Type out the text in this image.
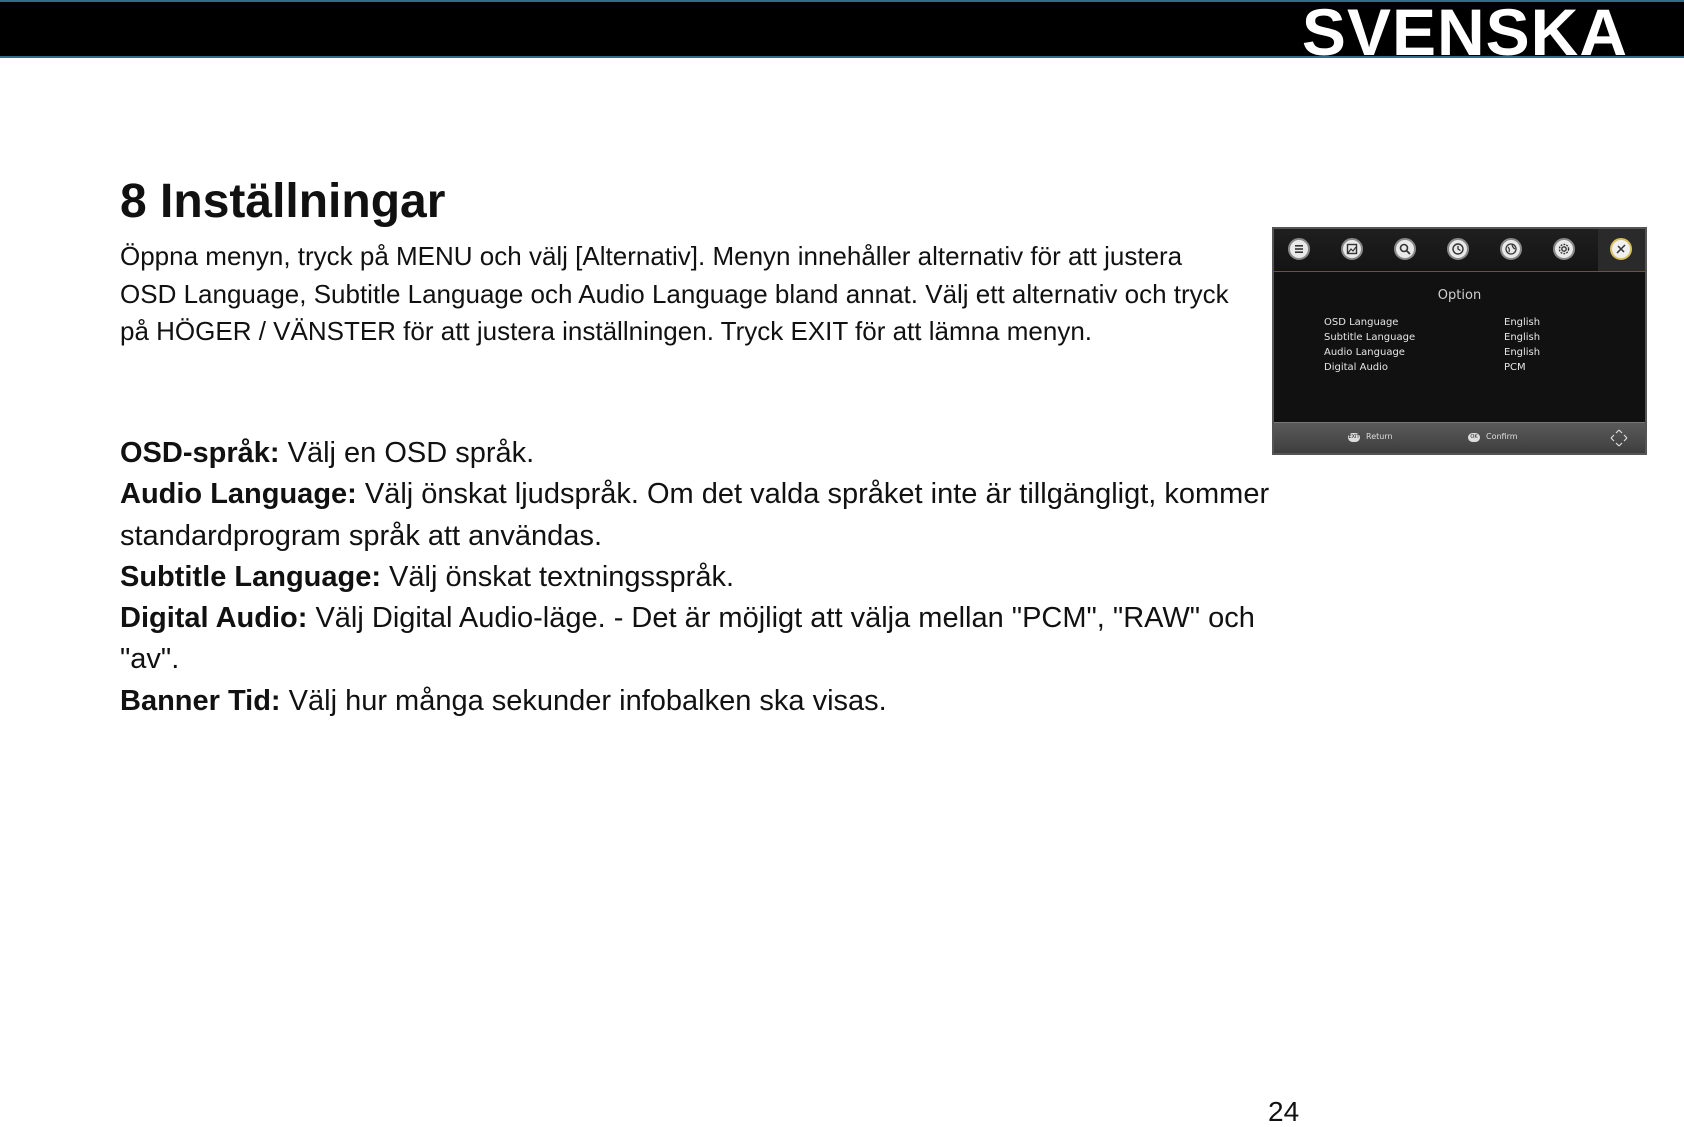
SVENSKA
8 Inställningar

Öppna menyn, tryck på MENU och välj [Alternativ]. Menyn innehåller alternativ för att justera OSD Language, Subtitle Language och Audio Language bland annat. Välj ett alternativ och tryck på HÖGER / VÄNSTER för att justera inställningen. Tryck EXIT för att lämna menyn.

OSD-språk: Välj en OSD språk.
Audio Language: Välj önskat ljudspråk. Om det valda språket inte är tillgängligt, kommer standardprogram språk att användas.
Subtitle Language: Välj önskat textningsspråk.
Digital Audio: Välj Digital Audio-läge. - Det är möjligt att välja mellan "PCM", "RAW" och "av".
Banner Tid: Välj hur många sekunder infobalken ska visas.
Option
OSD Language	English
Subtitle Language	English
Audio Language	English
Digital Audio	PCM
EXIT Return	OK Confirm
24
